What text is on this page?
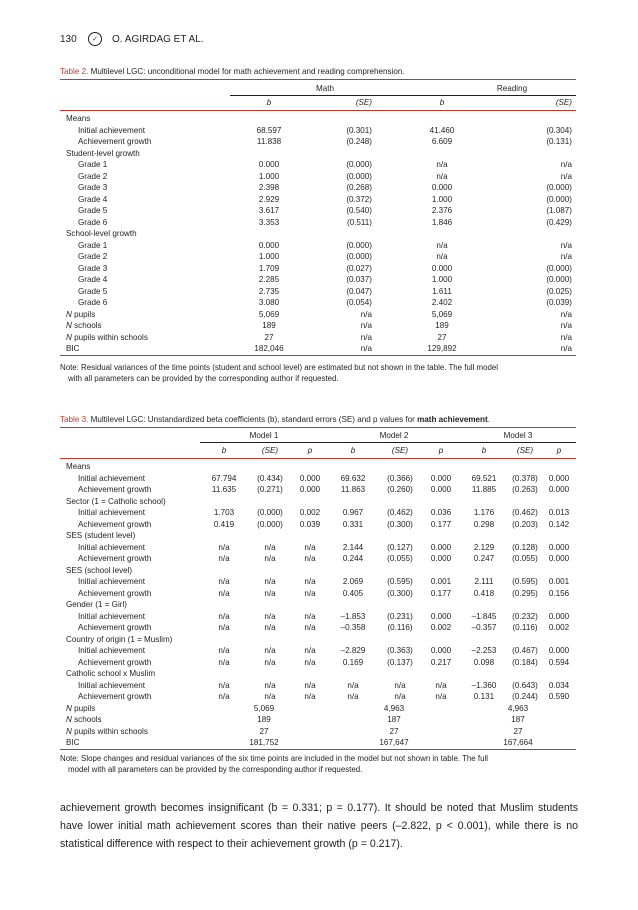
130	✓	O. AGIRDAG ET AL.
Table 2. Multilevel LGC: unconditional model for math achievement and reading comprehension.
	Math		Reading	
	b	(SE)	b	(SE)
Means				
Initial achievement	68.597	(0.301)	41.460	(0.304)
Achievement growth	11.838	(0.248)	6.609	(0.131)
Student-level growth				
Grade 1	0.000	(0.000)	n/a	n/a
Grade 2	1.000	(0.000)	n/a	n/a
Grade 3	2.398	(0.268)	0.000	(0.000)
Grade 4	2.929	(0.372)	1.000	(0.000)
Grade 5	3.617	(0.540)	2.376	(1.087)
Grade 6	3.353	(0.511)	1.846	(0.429)
School-level growth				
Grade 1	0.000	(0.000)	n/a	n/a
Grade 2	1.000	(0.000)	n/a	n/a
Grade 3	1.709	(0.027)	0.000	(0.000)
Grade 4	2.285	(0.037)	1.000	(0.000)
Grade 5	2.735	(0.047)	1.611	(0.025)
Grade 6	3.080	(0.054)	2.402	(0.039)
N pupils	5,069	n/a	5,069	n/a
N schools	189	n/a	189	n/a
N pupils within schools	27	n/a	27	n/a
BIC	182,046	n/a	129,892	n/a
Note: Residual variances of the time points (student and school level) are estimated but not shown in the table. The full model
with all parameters can be provided by the corresponding author if requested.
Table 3. Multilevel LGC: Unstandardized beta coefficients (b), standard errors (SE) and p values for math achievement.
	Model 1			Model 2			Model 3		
	b	(SE)	p	b	(SE)	p	b	(SE)	p
Means									
Initial achievement	67.794	(0.434)	0.000	69.632	(0.366)	0.000	69.521	(0.378)	0.000
Achievement growth	11.635	(0.271)	0.000	11.863	(0.260)	0.000	11.885	(0.263)	0.000
Sector (1 = Catholic school)									
Initial achievement	1.703	(0.000)	0.002	0.967	(0.462)	0.036	1.176	(0.462)	0.013
Achievement growth	0.419	(0.000)	0.039	0.331	(0.300)	0.177	0.298	(0.203)	0.142
SES (student level)									
Initial achievement	n/a	n/a	n/a	2.144	(0.127)	0.000	2.129	(0.128)	0.000
Achievement growth	n/a	n/a	n/a	0.244	(0.055)	0.000	0.247	(0.055)	0.000
SES (school level)									
Initial achievement	n/a	n/a	n/a	2.069	(0.595)	0.001	2.111	(0.595)	0.001
Achievement growth	n/a	n/a	n/a	0.405	(0.300)	0.177	0.418	(0.295)	0.156
Gender (1 = Girl)									
Initial achievement	n/a	n/a	n/a	–1.853	(0.231)	0.000	–1.845	(0.232)	0.000
Achievement growth	n/a	n/a	n/a	–0.358	(0.116)	0.002	–0.357	(0.116)	0.002
Country of origin (1 = Muslim)									
Initial achievement	n/a	n/a	n/a	–2.829	(0.363)	0.000	–2.253	(0.467)	0.000
Achievement growth	n/a	n/a	n/a	0.169	(0.137)	0.217	0.098	(0.184)	0.594
Catholic school x Muslim									
Initial achievement	n/a	n/a	n/a	n/a	n/a	n/a	–1.360	(0.643)	0.034
Achievement growth	n/a	n/a	n/a	n/a	n/a	n/a	0.131	(0.244)	0.590
N pupils	5,069			4,963			4,963		
N schools	189			187			187		
N pupils within schools	27			27			27		
BIC	181,752			167,647			167,664		
Note: Slope changes and residual variances of the six time points are included in the model but not shown in table. The full
model with all parameters can be provided by the corresponding author if requested.
achievement growth becomes insignificant (b = 0.331; p = 0.177). It should be noted that Muslim students have lower initial math achievement scores than their native peers (–2.822, p < 0.001), while there is no statistical difference with respect to their achievement growth (p = 0.217).
